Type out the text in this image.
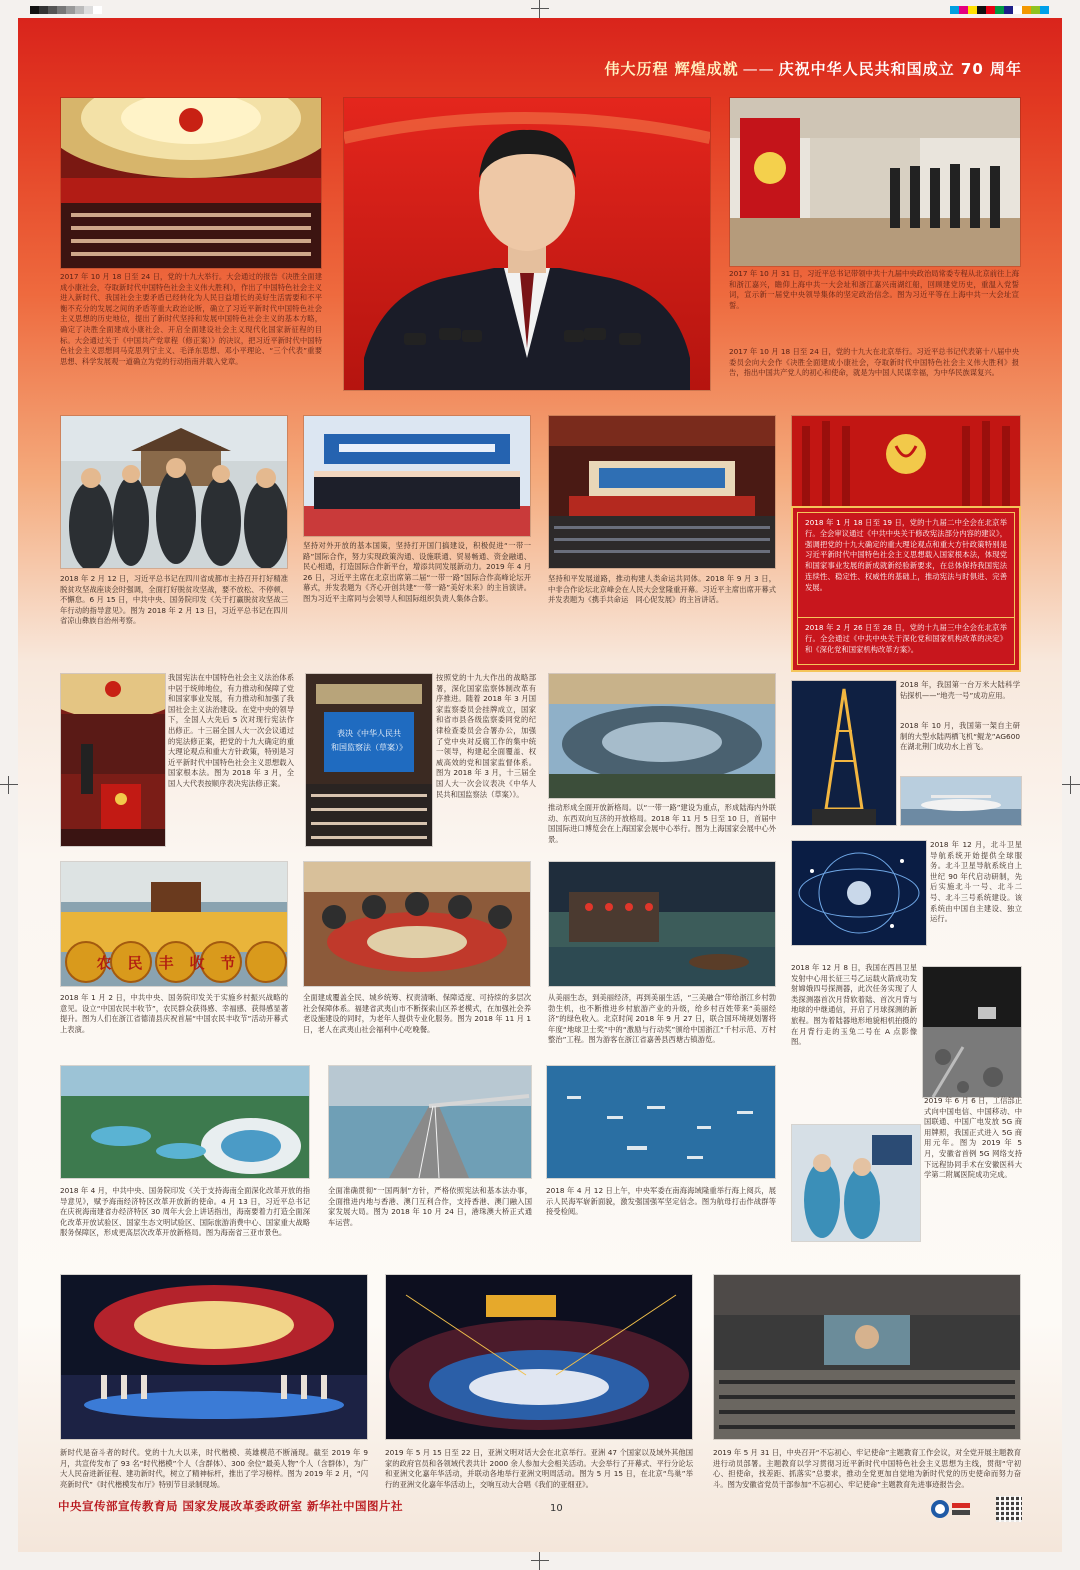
伟大历程 辉煌成就 —— 庆祝中华人民共和国成立 70 周年
2017 年 10 月 18 日至 24 日，党的十九大举行。大会通过的报告《决胜全面建成小康社会，夺取新时代中国特色社会主义伟大胜利》，作出了中国特色社会主义进入新时代、我国社会主要矛盾已经转化为人民日益增长的美好生活需要和不平衡不充分的发展之间的矛盾等重大政治论断，确立了习近平新时代中国特色社会主义思想的历史地位，提出了新时代坚持和发展中国特色社会主义的基本方略，确定了决胜全面建成小康社会、开启全面建设社会主义现代化国家新征程的目标。大会通过关于《中国共产党章程（修正案）》的决议，把习近平新时代中国特色社会主义思想同马克思列宁主义、毛泽东思想、邓小平理论、“三个代表”重要思想、科学发展观一道确立为党的行动指南并载入党章。
2017 年 10 月 31 日，习近平总书记带领中共十九届中央政治局常委专程从北京前往上海和浙江嘉兴，瞻仰上海中共一大会址和浙江嘉兴南湖红船，回顾建党历史，重温入党誓词，宣示新一届党中央领导集体的坚定政治信念。图为习近平等在上海中共一大会址宣誓。
2017 年 10 月 18 日至 24 日，党的十九大在北京举行。习近平总书记代表第十八届中央委员会向大会作《决胜全面建成小康社会，夺取新时代中国特色社会主义伟大胜利》报告，指出中国共产党人的初心和使命，就是为中国人民谋幸福，为中华民族谋复兴。
2018 年 2 月 12 日，习近平总书记在四川省成都市主持召开打好精准脱贫攻坚战座谈会时强调，全面打好脱贫攻坚战，要不放松、不停顿、不懈怠。6 月 15 日，中共中央、国务院印发《关于打赢脱贫攻坚战三年行动的指导意见》。图为 2018 年 2 月 13 日，习近平总书记在四川省凉山彝族自治州考察。
坚持对外开放的基本国策，坚持打开国门搞建设，积极促进“一带一路”国际合作，努力实现政策沟通、设施联通、贸易畅通、资金融通、民心相通，打造国际合作新平台，增添共同发展新动力。2019 年 4 月 26 日，习近平主席在北京出席第二届“一带一路”国际合作高峰论坛开幕式，并发表题为《齐心开创共建“一带一路”美好未来》的主旨演讲。图为习近平主席同与会领导人和国际组织负责人集体合影。
坚持和平发展道路，推动构建人类命运共同体。2018 年 9 月 3 日，中非合作论坛北京峰会在人民大会堂隆重开幕。习近平主席出席开幕式并发表题为《携手共命运　同心促发展》的主旨讲话。
2018 年 1 月 18 日至 19 日，党的十九届二中全会在北京举行。全会审议通过《中共中央关于修改宪法部分内容的建议》，强调把党的十九大确定的重大理论观点和重大方针政策特别是习近平新时代中国特色社会主义思想载入国家根本法，体现党和国家事业发展的新成就新经验新要求，在总体保持我国宪法连续性、稳定性、权威性的基础上，推动宪法与时俱进、完善发展。
2018 年 2 月 26 日至 28 日，党的十九届三中全会在北京举行。全会通过《中共中央关于深化党和国家机构改革的决定》和《深化党和国家机构改革方案》。
我国宪法在中国特色社会主义法治体系中居于统帅地位，有力推动和保障了党和国家事业发展，有力推动和加强了我国社会主义法治建设。在党中央的领导下，全国人大先后 5 次对现行宪法作出修正。十三届全国人大一次会议通过的宪法修正案，把党的十九大确定的重大理论观点和重大方针政策，特别是习近平新时代中国特色社会主义思想载入国家根本法。图为 2018 年 3 月，全国人大代表按顺序表决宪法修正案。
表决《中华人民共
和国监察法（草案）》
按照党的十九大作出的战略部署，深化国家监察体制改革有序推进。随着 2018 年 3 月国家监察委员会挂牌成立，国家和省市县各级监察委同党的纪律检查委员会合署办公，加强了党中央对反腐工作的集中统一领导，构建起全面覆盖、权威高效的党和国家监督体系。图为 2018 年 3 月，十三届全国人大一次会议表决《中华人民共和国监察法（草案）》。
推动形成全面开放新格局。以“一带一路”建设为重点，形成陆海内外联动、东西双向互济的开放格局。2018 年 11 月 5 日至 10 日，首届中国国际进口博览会在上海国家会展中心举行。图为上海国家会展中心外景。
2018 年，我国第一台万米大陆科学钻探机——“地壳一号”成功应用。
2018 年 10 月，我国第一架自主研制的大型水陆两栖飞机“鲲龙”AG600 在湖北荆门成功水上首飞。
2018 年 12 月，北斗卫星导航系统开始提供全球服务。北斗卫星导航系统自上世纪 90 年代启动研制，先后实施北斗一号、北斗二号、北斗三号系统建设。该系统由中国自主建设、独立运行。
农民丰收节
2018 年 1 月 2 日，中共中央、国务院印发关于实施乡村振兴战略的意见。设立“中国农民丰收节”，农民群众获得感、幸福感、获得感显著提升。图为人们在浙江省德清县庆祝首届“中国农民丰收节”活动开幕式上表演。
全面建成覆盖全民、城乡统筹、权责清晰、保障适度、可持续的多层次社会保障体系。福建省武夷山市不断探索山区养老模式，在加强社会养老设施建设的同时，为老年人提供专业化服务。图为 2018 年 11 月 1 日，老人在武夷山社会福利中心吃晚餐。
从美丽生态，到美丽经济，再到美丽生活，“三美融合”带给浙江乡村勃勃生机，也不断推进乡村旅游产业的升级，给乡村百姓带来“美丽经济”的绿色收入。北京时间 2018 年 9 月 27 日，联合国环境规划署将年度“地球卫士奖”中的“激励与行动奖”颁给中国浙江“千村示范、万村整治”工程。图为游客在浙江省嘉善县西塘古镇游览。
2018 年 12 月 8 日，我国在西昌卫星发射中心用长征三号乙运载火箭成功发射嫦娥四号探测器，此次任务实现了人类探测器首次月背软着陆、首次月背与地球的中继通信，开启了月球探测的新旅程。图为着陆器地形地貌相机拍摄的在月背行走的玉兔二号在 A 点影像图。
2018 年 4 月，中共中央、国务院印发《关于支持海南全面深化改革开放的指导意见》，赋予海南经济特区改革开放新的使命。4 月 13 日，习近平总书记在庆祝海南建省办经济特区 30 周年大会上讲话指出，海南要着力打造全面深化改革开放试验区、国家生态文明试验区、国际旅游消费中心、国家重大战略服务保障区，形成更高层次改革开放新格局。图为海南省三亚市景色。
全面准确贯彻“一国两制”方针，严格依照宪法和基本法办事，全面推进内地与香港、澳门互利合作，支持香港、澳门融入国家发展大局。图为 2018 年 10 月 24 日，港珠澳大桥正式通车运营。
2018 年 4 月 12 日上午，中央军委在南海海域隆重举行海上阅兵，展示人民海军崭新面貌，激发强国强军坚定信念。图为航母打击作战群等接受检阅。
2019 年 6 月 6 日，工信部正式向中国电信、中国移动、中国联通、中国广电发放 5G 商用牌照，我国正式进入 5G 商用元年。图为 2019 年 5 月，安徽省首例 5G 网络支持下远程协同手术在安徽医科大学第二附属医院成功完成。
新时代是奋斗者的时代。党的十九大以来，时代楷模、英雄模范不断涌现。截至 2019 年 9 月，共宣传发布了 93 名“时代楷模”个人（含群体）、300 余位“最美人物”个人（含群体），为广大人民奋进新征程、建功新时代，树立了精神标杆，推出了学习榜样。图为 2019 年 2 月，“闪亮新时代”《时代楷模发布厅》特别节目录制现场。
2019 年 5 月 15 日至 22 日，亚洲文明对话大会在北京举行。亚洲 47 个国家以及域外其他国家的政府官员和各领域代表共计 2000 余人参加大会相关活动。大会举行了开幕式、平行分论坛和亚洲文化嘉年华活动，并联动各地举行亚洲文明周活动。图为 5 月 15 日，在北京“鸟巢”举行的亚洲文化嘉年华活动上，交响互动大合唱《我们的亚细亚》。
2019 年 5 月 31 日，中央召开“不忘初心、牢记使命”主题教育工作会议，对全党开展主题教育进行动员部署。主题教育以学习贯彻习近平新时代中国特色社会主义思想为主线，贯彻“守初心、担使命，找差距、抓落实”总要求，推动全党更加自觉地为新时代党的历史使命而努力奋斗。图为安徽省党员干部参加“不忘初心、牢记使命”主题教育先进事迹报告会。
中央宣传部宣传教育局 国家发展改革委政研室 新华社中国图片社	10
